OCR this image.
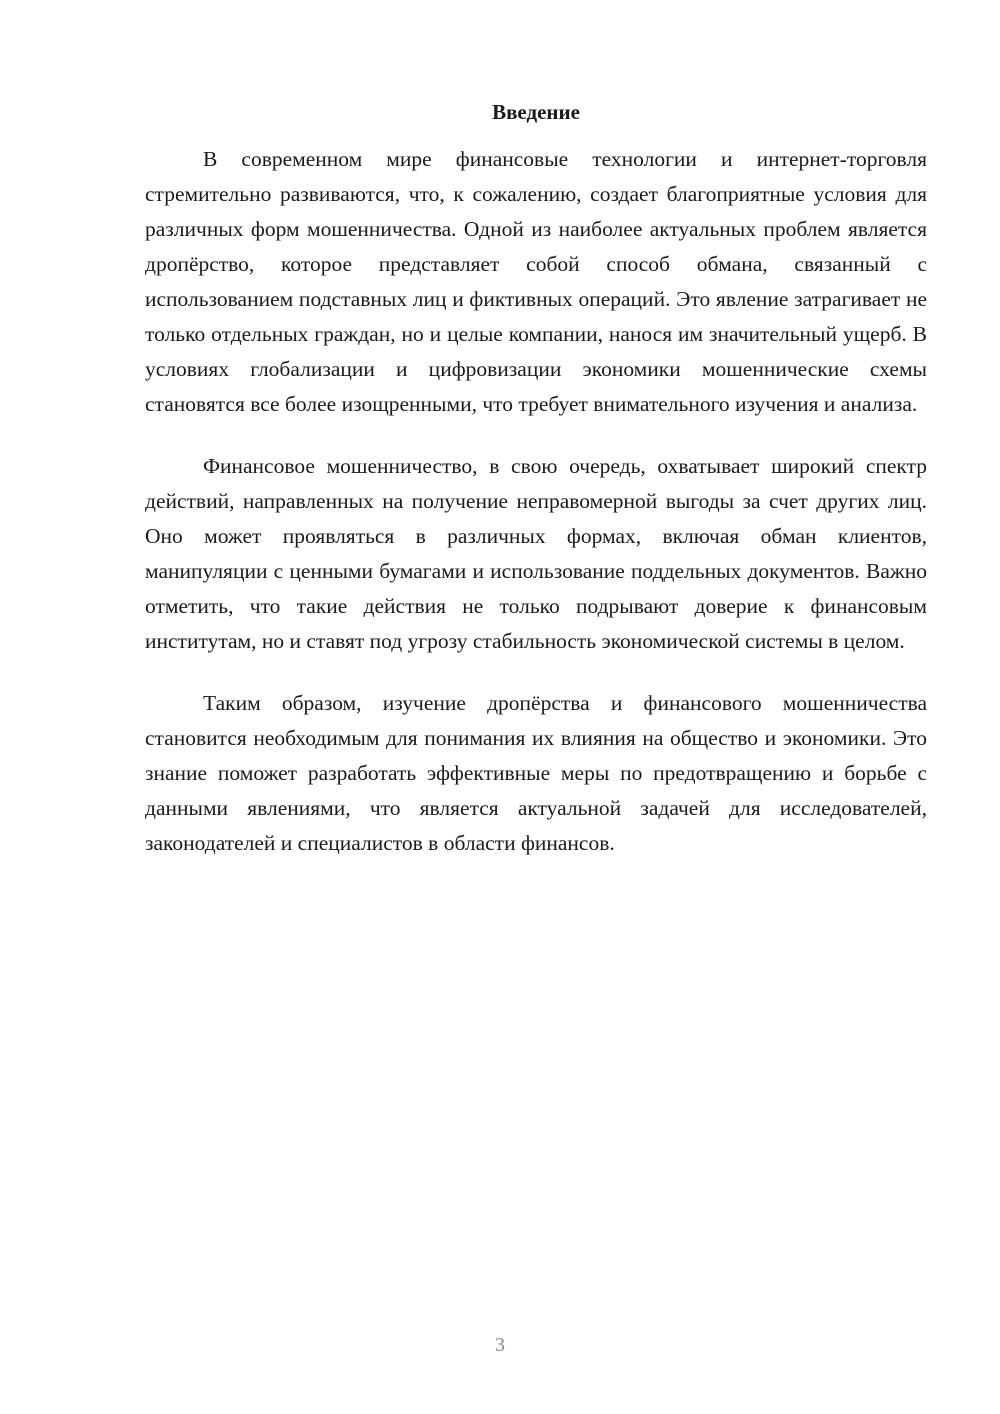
Введение

В современном мире финансовые технологии и интернет-торговля стремительно развиваются, что, к сожалению, создает благоприятные условия для различных форм мошенничества. Одной из наиболее актуальных проблем является дропёрство, которое представляет собой способ обмана, связанный с использованием подставных лиц и фиктивных операций. Это явление затрагивает не только отдельных граждан, но и целые компании, нанося им значительный ущерб. В условиях глобализации и цифровизации экономики мошеннические схемы становятся все более изощренными, что требует внимательного изучения и анализа.

Финансовое мошенничество, в свою очередь, охватывает широкий спектр действий, направленных на получение неправомерной выгоды за счет других лиц. Оно может проявляться в различных формах, включая обман клиентов, манипуляции с ценными бумагами и использование поддельных документов. Важно отметить, что такие действия не только подрывают доверие к финансовым институтам, но и ставят под угрозу стабильность экономической системы в целом.

Таким образом, изучение дропёрства и финансового мошенничества становится необходимым для понимания их влияния на общество и экономики. Это знание поможет разработать эффективные меры по предотвращению и борьбе с данными явлениями, что является актуальной задачей для исследователей, законодателей и специалистов в области финансов.

3
